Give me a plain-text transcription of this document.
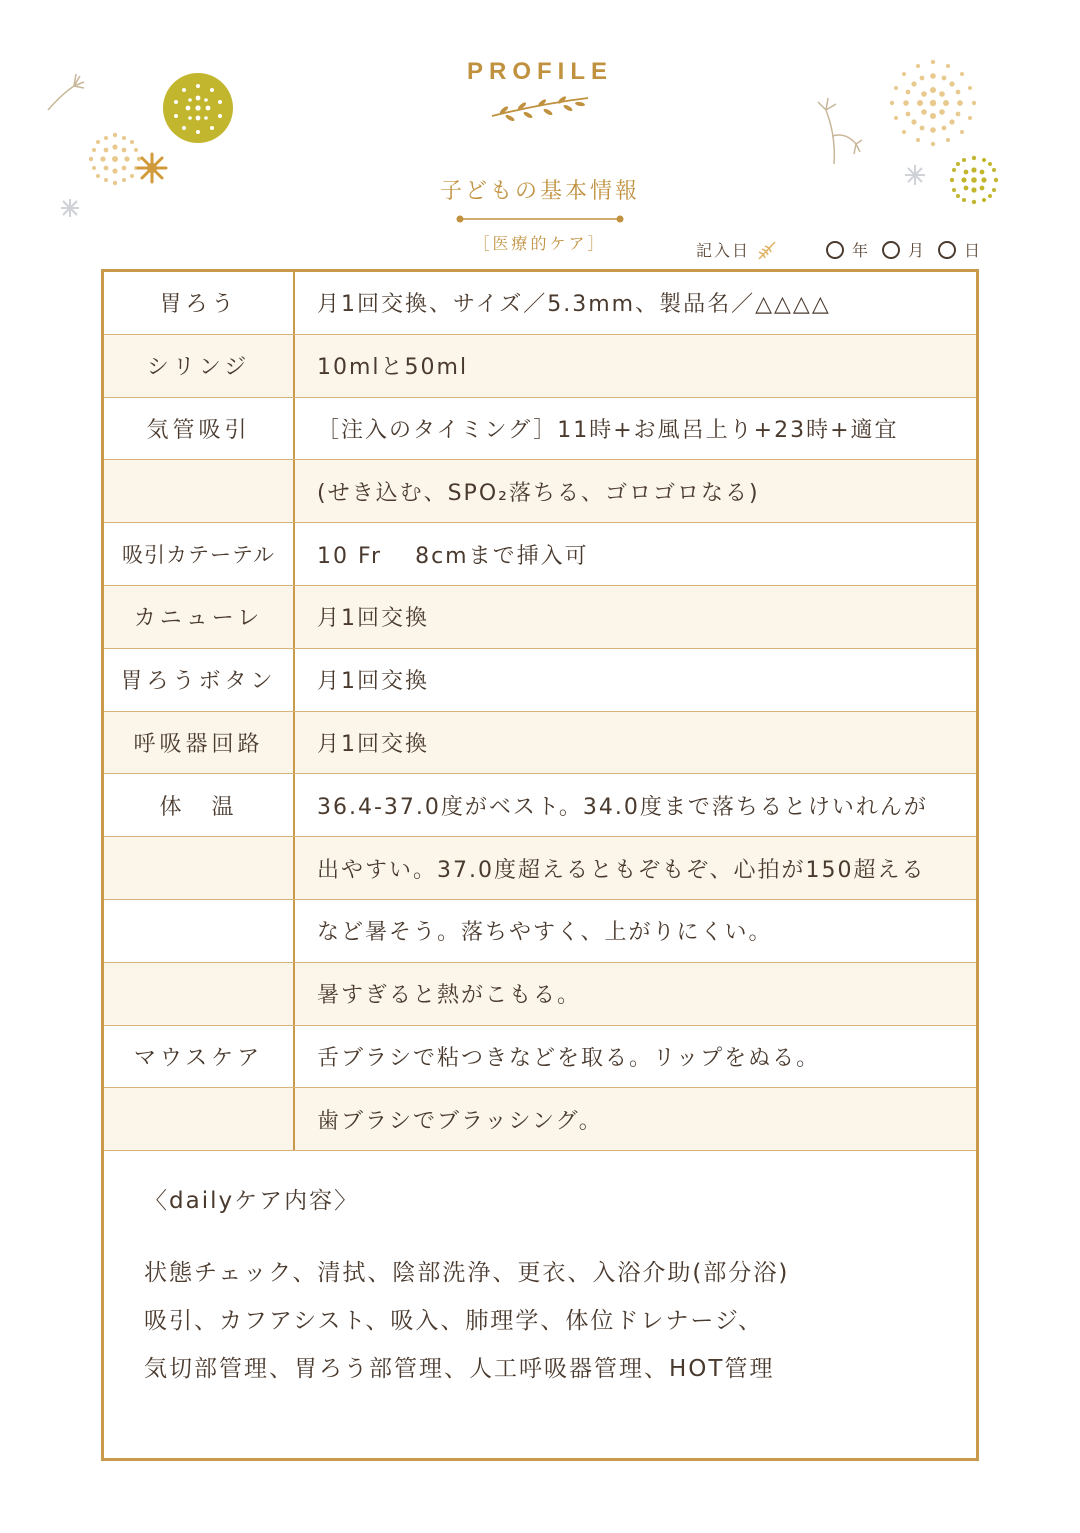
PROFILE
子どもの基本情報
［医療的ケア］	記入日	年	月	日
胃ろう	月1回交換、サイズ／5.3mm、製品名／△△△△
シリンジ	10mlと50ml
気管吸引	［注入のタイミング］11時+お風呂上り+23時+適宜
(せき込む、SPO₂落ちる、ゴロゴロなる)
吸引カテーテル	10 Fr　 8cmまで挿入可
カニューレ	月1回交換
胃ろうボタン	月1回交換
呼吸器回路	月1回交換
体　温	36.4-37.0度がベスト。34.0度まで落ちるとけいれんが
出やすい。37.0度超えるともぞもぞ、心拍が150超える
など暑そう。落ちやすく、上がりにくい。
暑すぎると熱がこもる。
マウスケア	舌ブラシで粘つきなどを取る。リップをぬる。
歯ブラシでブラッシング。
〈dailyケア内容〉
状態チェック、清拭、陰部洗浄、更衣、入浴介助(部分浴)
吸引、カフアシスト、吸入、肺理学、体位ドレナージ、
気切部管理、胃ろう部管理、人工呼吸器管理、HOT管理
